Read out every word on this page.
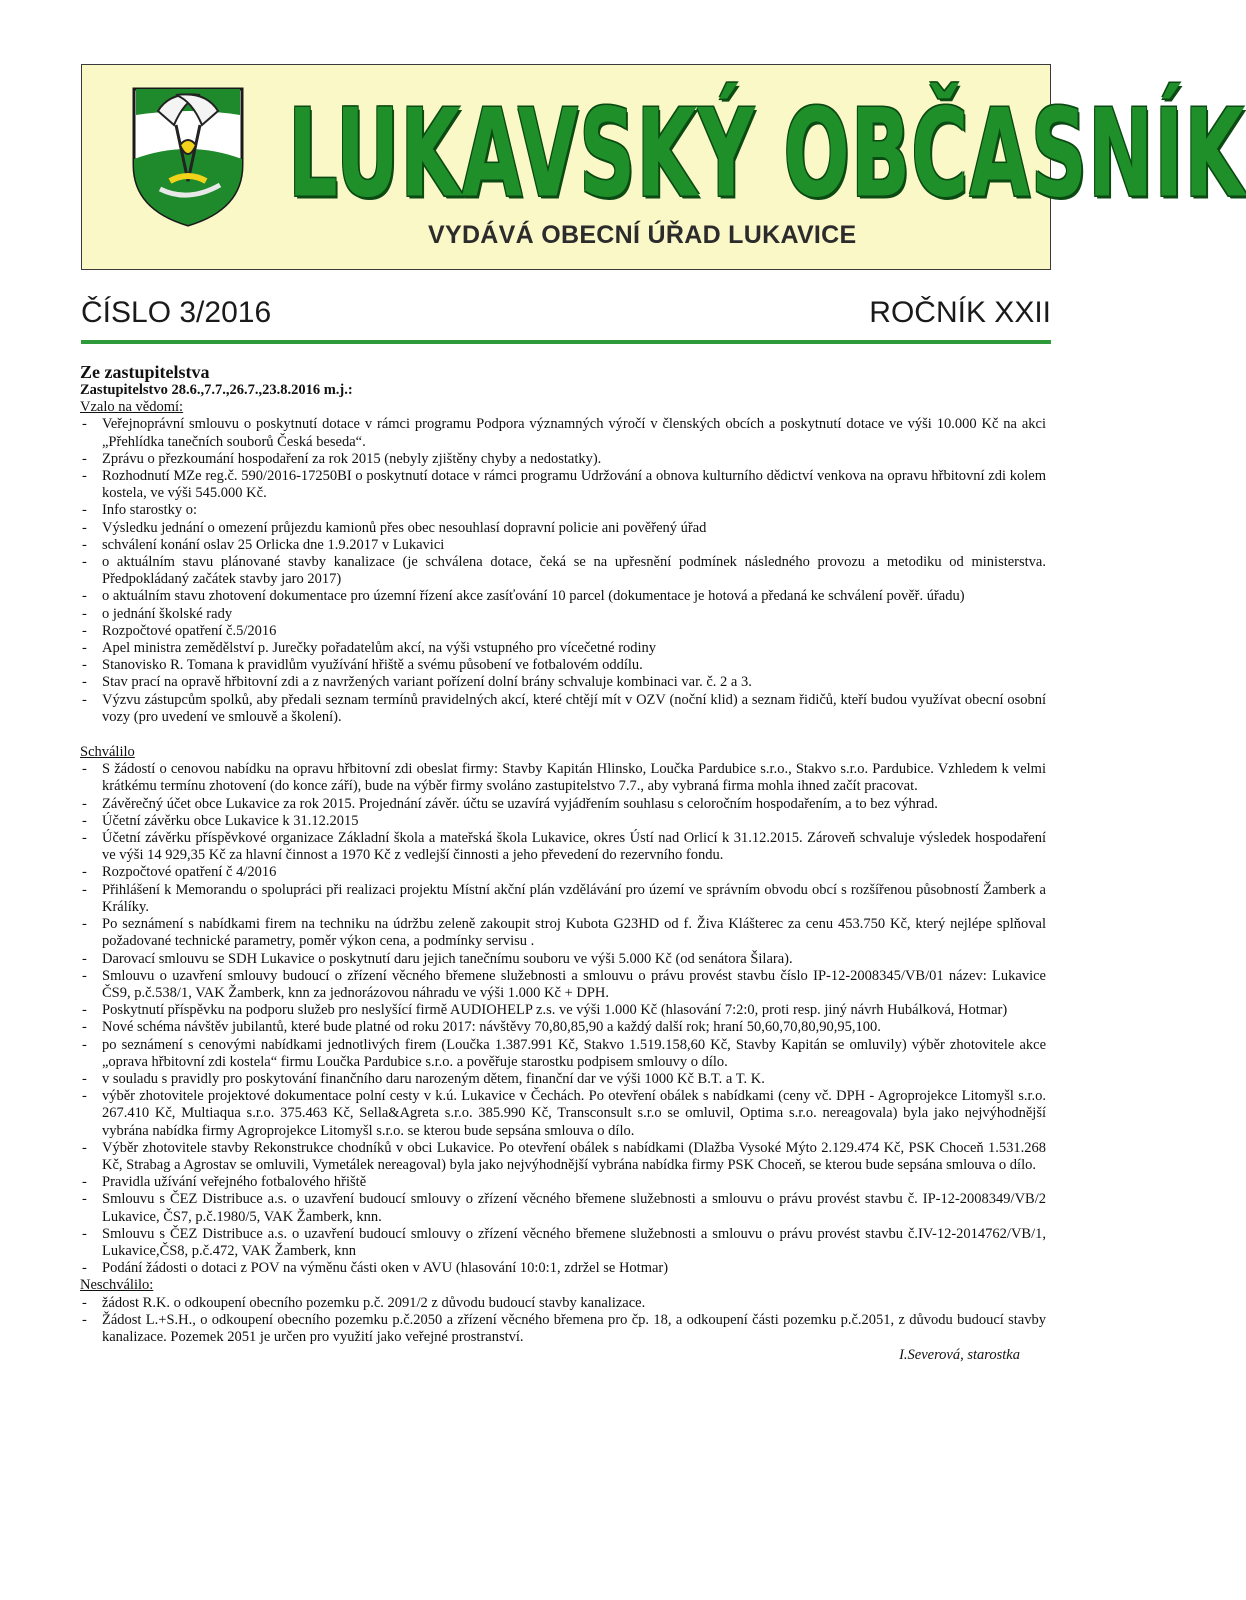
LUKAVSKÝ OBČASNÍK
VYDÁVÁ OBECNÍ ÚŘAD LUKAVICE
ČÍSLO 3/2016	ROČNÍK XXII
Ze zastupitelstva
Zastupitelstvo 28.6.,7.7.,26.7.,23.8.2016 m.j.:
Vzalo na vědomí:
- Veřejnoprávní smlouvu o poskytnutí dotace v rámci programu Podpora významných výročí v členských obcích a poskytnutí dotace ve výši 10.000 Kč na akci „Přehlídka tanečních souborů Česká beseda“.
- Zprávu o přezkoumání hospodaření za rok 2015 (nebyly zjištěny chyby a nedostatky).
- Rozhodnutí MZe reg.č. 590/2016-17250BI o poskytnutí dotace v rámci programu Udržování a obnova kulturního dědictví venkova na opravu hřbitovní zdi kolem kostela, ve výši 545.000 Kč.
- Info starostky o:
- Výsledku jednání o omezení průjezdu kamionů přes obec nesouhlasí dopravní policie ani pověřený úřad
- schválení konání oslav 25 Orlicka dne 1.9.2017 v Lukavici
- o aktuálním stavu plánované stavby kanalizace (je schválena dotace, čeká se na upřesnění podmínek následného provozu a metodiku od ministerstva. Předpokládaný začátek stavby jaro 2017)
- o aktuálním stavu zhotovení dokumentace pro územní řízení akce zasíťování 10 parcel (dokumentace je hotová a předaná ke schválení pověř. úřadu)
- o jednání školské rady
- Rozpočtové opatření č.5/2016
- Apel ministra zemědělství p. Jurečky pořadatelům akcí, na výši vstupného pro vícečetné rodiny
- Stanovisko R. Tomana k pravidlům využívání hřiště a svému působení ve fotbalovém oddílu.
- Stav prací na opravě hřbitovní zdi a z navržených variant pořízení dolní brány schvaluje kombinaci var. č. 2 a 3.
- Výzvu zástupcům spolků, aby předali seznam termínů pravidelných akcí, které chtějí mít v OZV (noční klid) a seznam řidičů, kteří budou využívat obecní osobní vozy (pro uvedení ve smlouvě a školení).
Schválilo
- S žádostí o cenovou nabídku na opravu hřbitovní zdi obeslat firmy: Stavby Kapitán Hlinsko, Loučka Pardubice s.r.o., Stakvo s.r.o. Pardubice. Vzhledem k velmi krátkému termínu zhotovení (do konce září), bude na výběr firmy svoláno zastupitelstvo 7.7., aby vybraná firma mohla ihned začít pracovat.
- Závěrečný účet obce Lukavice za rok 2015. Projednání závěr. účtu se uzavírá vyjádřením souhlasu s celoročním hospodařením, a to bez výhrad.
- Účetní závěrku obce Lukavice k 31.12.2015
- Účetní závěrku příspěvkové organizace Základní škola a mateřská škola Lukavice, okres Ústí nad Orlicí k 31.12.2015. Zároveň schvaluje výsledek hospodaření ve výši 14 929,35 Kč za hlavní činnost a 1970 Kč z vedlejší činnosti a jeho převedení do rezervního fondu.
- Rozpočtové opatření č 4/2016
- Přihlášení k Memorandu o spolupráci při realizaci projektu Místní akční plán vzdělávání pro území ve správním obvodu obcí s rozšířenou působností Žamberk a Králíky.
- Po seznámení s nabídkami firem na techniku na údržbu zeleně zakoupit stroj Kubota G23HD od f. Živa Klášterec za cenu 453.750 Kč, který nejlépe splňoval požadované technické parametry, poměr výkon cena, a podmínky servisu .
- Darovací smlouvu se SDH Lukavice o poskytnutí daru jejich tanečnímu souboru ve výši 5.000 Kč (od senátora Šilara).
- Smlouvu o uzavření smlouvy budoucí o zřízení věcného břemene služebnosti a smlouvu o právu provést stavbu číslo IP-12-2008345/VB/01 název: Lukavice ČS9, p.č.538/1, VAK Žamberk, knn za jednorázovou náhradu ve výši 1.000 Kč + DPH.
- Poskytnutí příspěvku na podporu služeb pro neslyšící firmě AUDIOHELP z.s. ve výši 1.000 Kč (hlasování 7:2:0, proti resp. jiný návrh Hubálková, Hotmar)
- Nové schéma návštěv jubilantů, které bude platné od roku 2017: návštěvy 70,80,85,90 a každý další rok; hraní 50,60,70,80,90,95,100.
- po seznámení s cenovými nabídkami jednotlivých firem (Loučka 1.387.991 Kč, Stakvo 1.519.158,60 Kč, Stavby Kapitán se omluvily) výběr zhotovitele akce „oprava hřbitovní zdi kostela“ firmu Loučka Pardubice s.r.o. a pověřuje starostku podpisem smlouvy o dílo.
- v souladu s pravidly pro poskytování finančního daru narozeným dětem, finanční dar ve výši 1000 Kč B.T. a T. K.
- výběr zhotovitele projektové dokumentace polní cesty v k.ú. Lukavice v Čechách. Po otevření obálek s nabídkami (ceny vč. DPH - Agroprojekce Litomyšl s.r.o. 267.410 Kč, Multiaqua s.r.o. 375.463 Kč, Sella&Agreta s.r.o. 385.990 Kč, Transconsult s.r.o se omluvil, Optima s.r.o. nereagovala) byla jako nejvýhodnější vybrána nabídka firmy Agroprojekce Litomyšl s.r.o. se kterou bude sepsána smlouva o dílo.
- Výběr zhotovitele stavby Rekonstrukce chodníků v obci Lukavice. Po otevření obálek s nabídkami (Dlažba Vysoké Mýto 2.129.474 Kč, PSK Choceň 1.531.268 Kč, Strabag a Agrostav se omluvili, Vymetálek nereagoval) byla jako nejvýhodnější vybrána nabídka firmy PSK Choceň, se kterou bude sepsána smlouva o dílo.
- Pravidla užívání veřejného fotbalového hřiště
- Smlouvu s ČEZ Distribuce a.s. o uzavření budoucí smlouvy o zřízení věcného břemene služebnosti a smlouvu o právu provést stavbu č. IP-12-2008349/VB/2 Lukavice, ČS7, p.č.1980/5, VAK Žamberk, knn.
- Smlouvu s ČEZ Distribuce a.s. o uzavření budoucí smlouvy o zřízení věcného břemene služebnosti a smlouvu o právu provést stavbu č.IV-12-2014762/VB/1, Lukavice,ČS8, p.č.472, VAK Žamberk, knn
- Podání žádosti o dotaci z POV na výměnu části oken v AVU (hlasování 10:0:1, zdržel se Hotmar)
Neschválilo:
- žádost R.K. o odkoupení obecního pozemku p.č. 2091/2 z důvodu budoucí stavby kanalizace.
- Žádost L.+S.H., o odkoupení obecního pozemku p.č.2050 a zřízení věcného břemena pro čp. 18, a odkoupení části pozemku p.č.2051, z důvodu budoucí stavby kanalizace. Pozemek 2051 je určen pro využití jako veřejné prostranství.
I.Severová, starostka
